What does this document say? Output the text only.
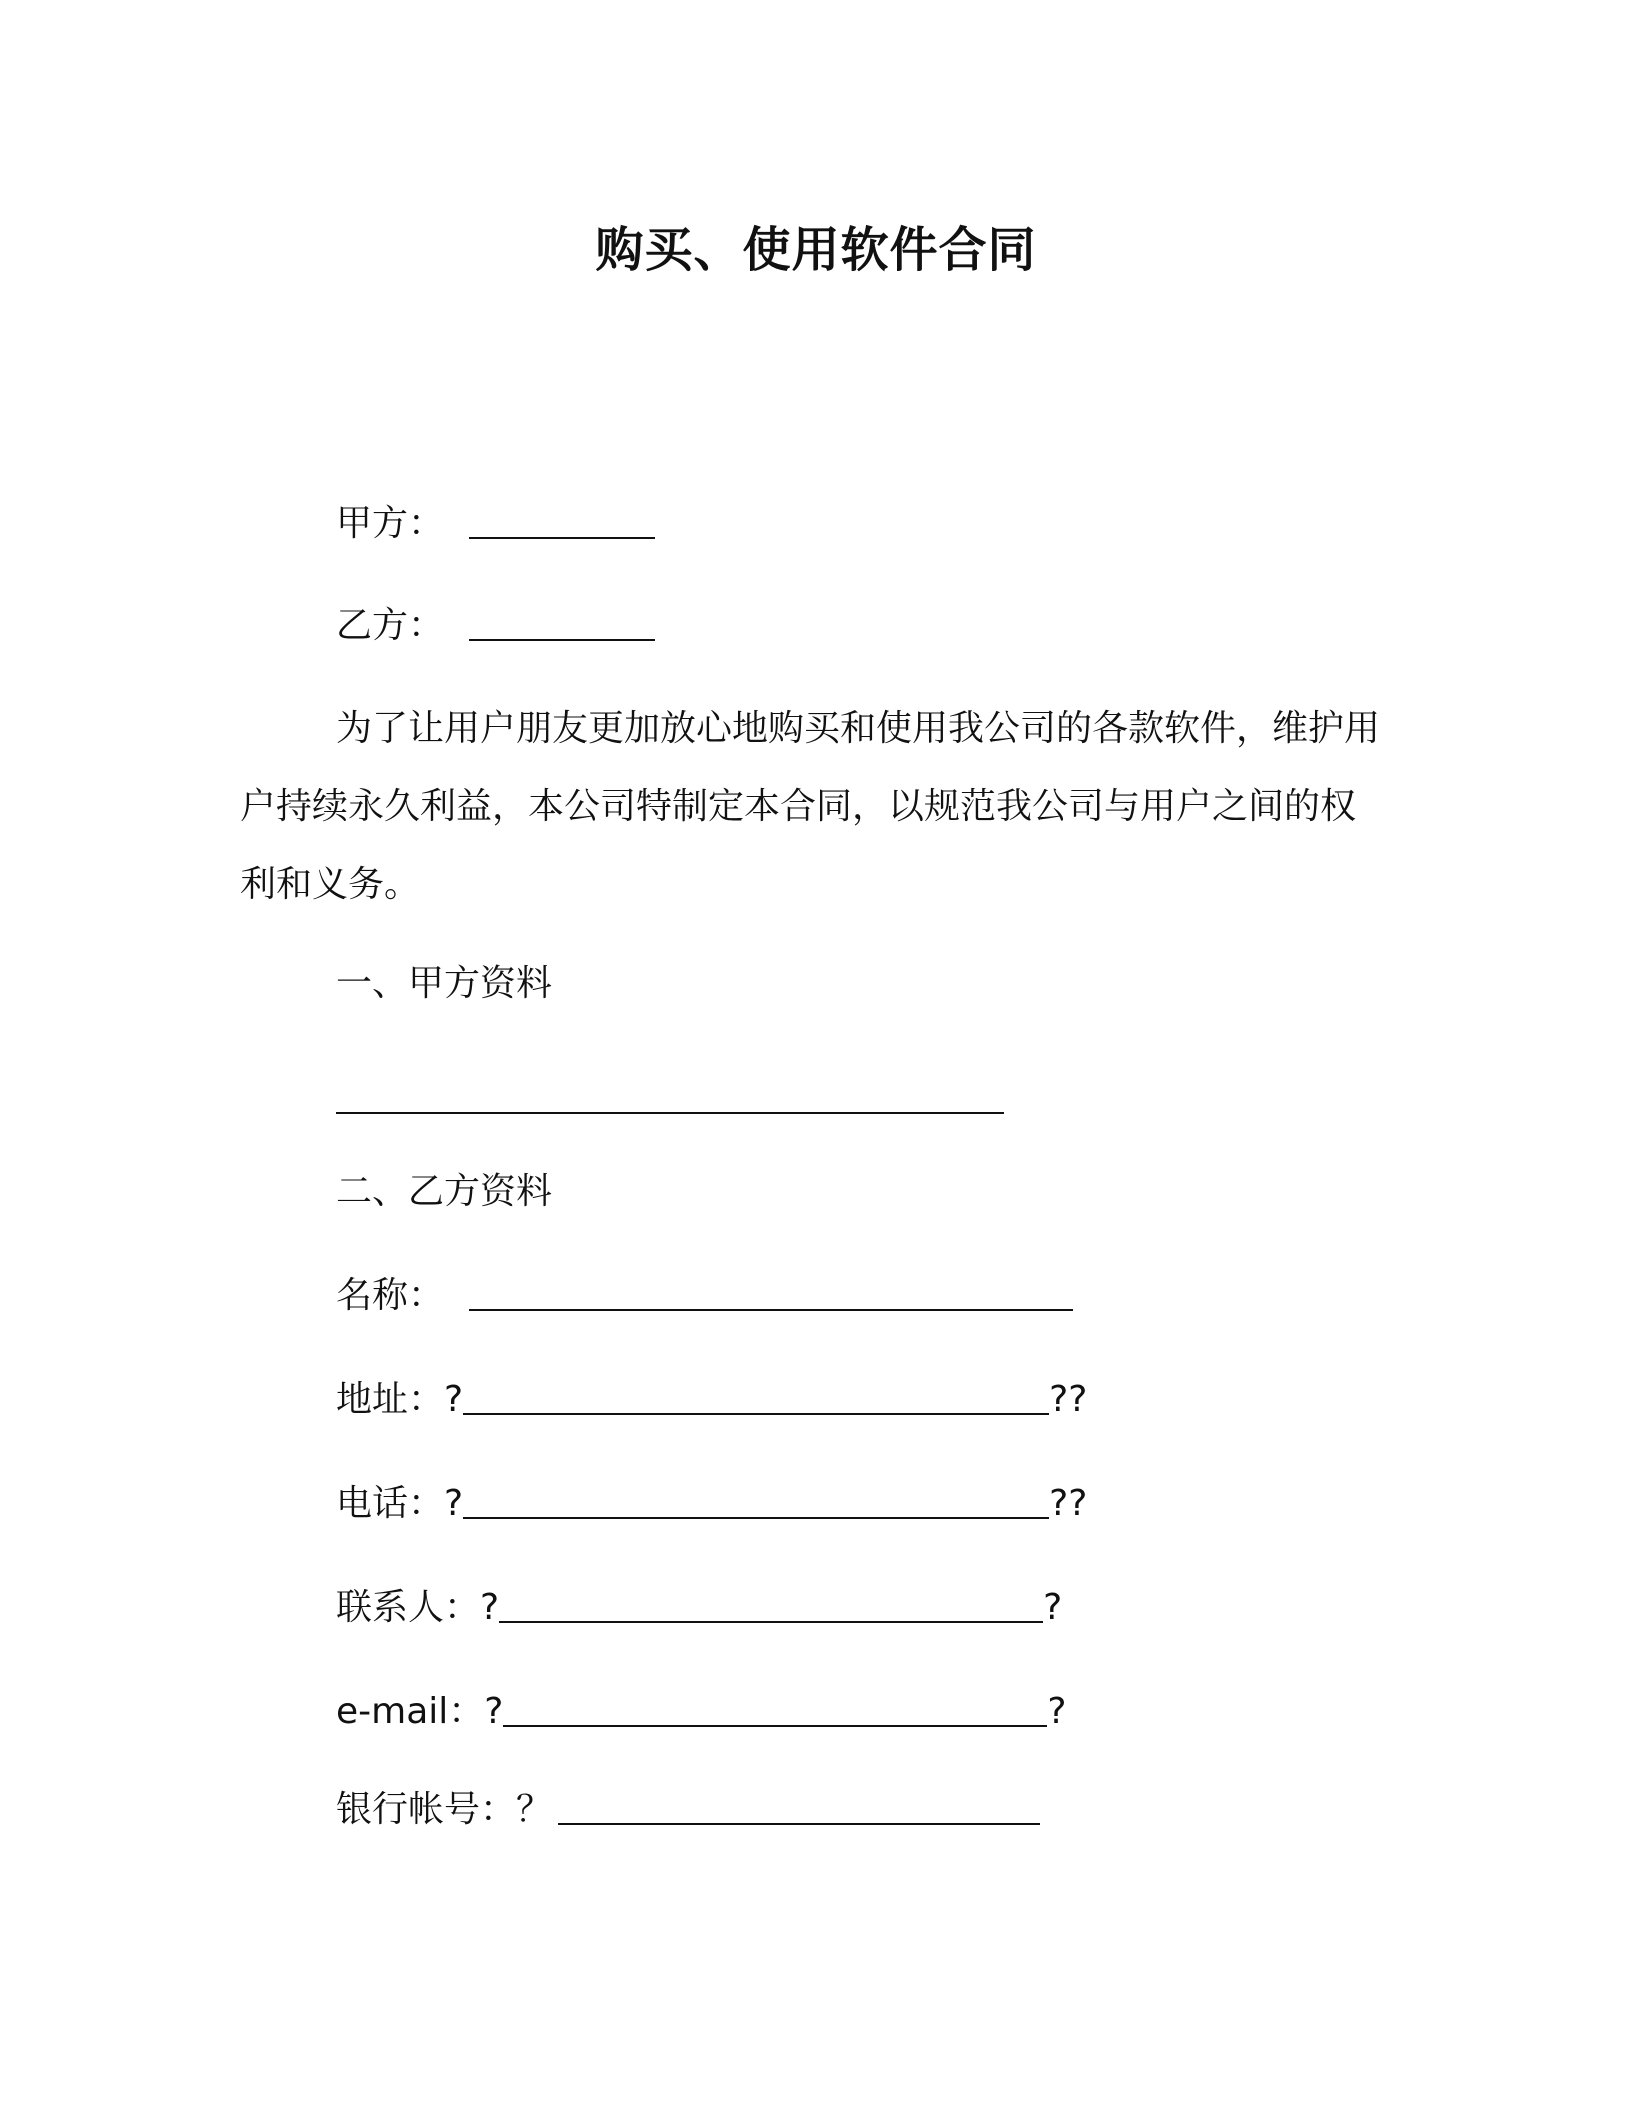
购买、使用软件合同
甲方：
乙方：
为了让用户朋友更加放心地购买和使用我公司的各款软件，维护用户持续永久利益，本公司特制定本合同，以规范我公司与用户之间的权利和义务。
一、甲方资料
二、乙方资料
名称：
地址：?	??
电话：?	??
联系人：?	?
e-mail：?	?
银行帐号：？
